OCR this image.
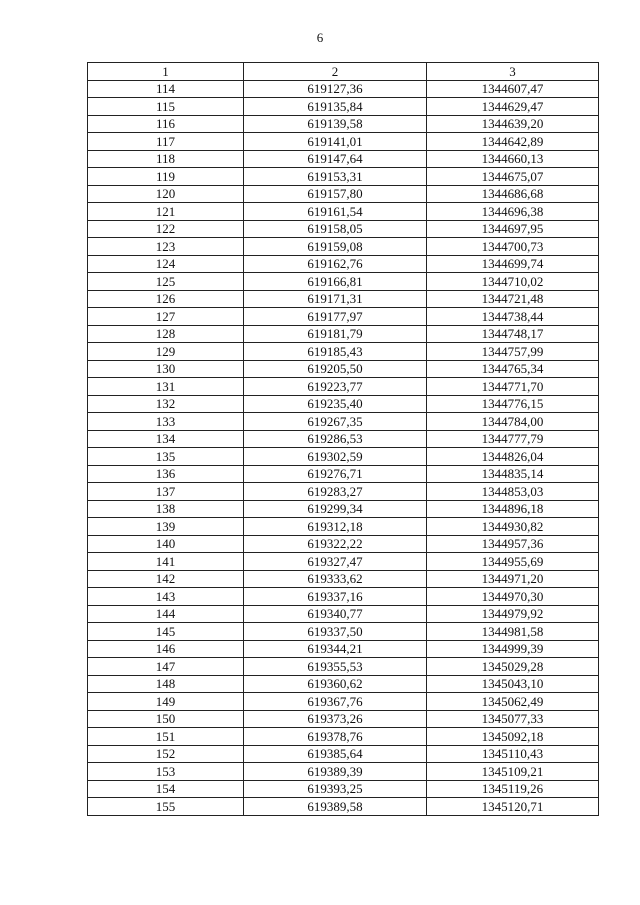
6
1	2	3
114	619127,36	1344607,47
115	619135,84	1344629,47
116	619139,58	1344639,20
117	619141,01	1344642,89
118	619147,64	1344660,13
119	619153,31	1344675,07
120	619157,80	1344686,68
121	619161,54	1344696,38
122	619158,05	1344697,95
123	619159,08	1344700,73
124	619162,76	1344699,74
125	619166,81	1344710,02
126	619171,31	1344721,48
127	619177,97	1344738,44
128	619181,79	1344748,17
129	619185,43	1344757,99
130	619205,50	1344765,34
131	619223,77	1344771,70
132	619235,40	1344776,15
133	619267,35	1344784,00
134	619286,53	1344777,79
135	619302,59	1344826,04
136	619276,71	1344835,14
137	619283,27	1344853,03
138	619299,34	1344896,18
139	619312,18	1344930,82
140	619322,22	1344957,36
141	619327,47	1344955,69
142	619333,62	1344971,20
143	619337,16	1344970,30
144	619340,77	1344979,92
145	619337,50	1344981,58
146	619344,21	1344999,39
147	619355,53	1345029,28
148	619360,62	1345043,10
149	619367,76	1345062,49
150	619373,26	1345077,33
151	619378,76	1345092,18
152	619385,64	1345110,43
153	619389,39	1345109,21
154	619393,25	1345119,26
155	619389,58	1345120,71
